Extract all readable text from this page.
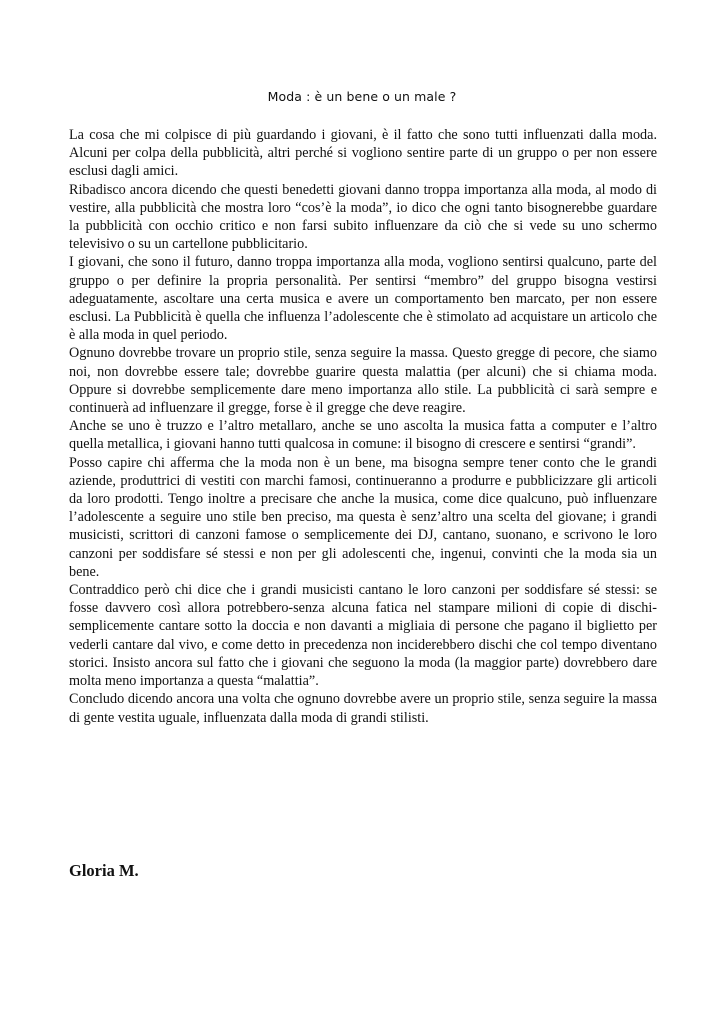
Moda : è un bene o un male ?

La cosa che mi colpisce di più guardando i giovani, è il fatto che sono tutti influenzati dalla moda. Alcuni per colpa della pubblicità, altri perché si vogliono sentire parte di un gruppo o per non essere esclusi dagli amici.

Ribadisco ancora dicendo che questi benedetti giovani danno troppa importanza alla moda, al modo di vestire, alla pubblicità che mostra loro “cos’è la moda”, io dico che ogni tanto bisognerebbe guardare la pubblicità con occhio critico e non farsi subito influenzare da ciò che si vede su uno schermo televisivo o su un cartellone pubblicitario.

I giovani, che sono il futuro, danno troppa importanza alla moda, vogliono sentirsi qualcuno, parte del gruppo o per definire la propria personalità. Per sentirsi “membro” del gruppo bisogna vestirsi adeguatamente, ascoltare una certa musica e avere un comportamento ben marcato, per non essere esclusi. La Pubblicità è quella che influenza l’adolescente che è stimolato ad acquistare un articolo che è alla moda in quel periodo.

Ognuno dovrebbe trovare un proprio stile, senza seguire la massa. Questo gregge di pecore, che siamo noi, non dovrebbe essere tale; dovrebbe guarire questa malattia (per alcuni) che si chiama moda. Oppure si dovrebbe semplicemente dare meno importanza allo stile. La pubblicità ci sarà sempre e continuerà ad influenzare il gregge, forse è il gregge che deve reagire.

Anche se uno è truzzo e l’altro metallaro, anche se uno ascolta la musica fatta a computer e l’altro quella metallica, i giovani hanno tutti qualcosa in comune: il bisogno di crescere e sentirsi “grandi”.

Posso capire chi afferma che la moda non è un bene, ma bisogna sempre tener conto che le grandi aziende, produttrici di vestiti con marchi famosi, continueranno a produrre e pubblicizzare gli articoli da loro prodotti. Tengo inoltre a precisare che anche la musica, come dice qualcuno, può influenzare l’adolescente a seguire uno stile ben preciso, ma questa è senz’altro una scelta del giovane; i grandi musicisti, scrittori di canzoni famose o semplicemente dei DJ, cantano, suonano, e scrivono le loro canzoni per soddisfare sé stessi e non per gli adolescenti che, ingenui, convinti che la moda sia un bene.

Contraddico però chi dice che i grandi musicisti cantano le loro canzoni per soddisfare sé stessi: se fosse davvero così allora potrebbero-senza alcuna fatica nel stampare milioni di copie di dischi-semplicemente cantare sotto la doccia e non davanti a migliaia di persone che pagano il biglietto per vederli cantare dal vivo, e come detto in precedenza non inciderebbero dischi che col tempo diventano storici. Insisto ancora sul fatto che i giovani che seguono la moda (la maggior parte) dovrebbero dare molta meno importanza a questa “malattia”.

Concludo dicendo ancora una volta che ognuno dovrebbe avere un proprio stile, senza seguire la massa di gente vestita uguale, influenzata dalla moda di grandi stilisti.

Gloria M.
